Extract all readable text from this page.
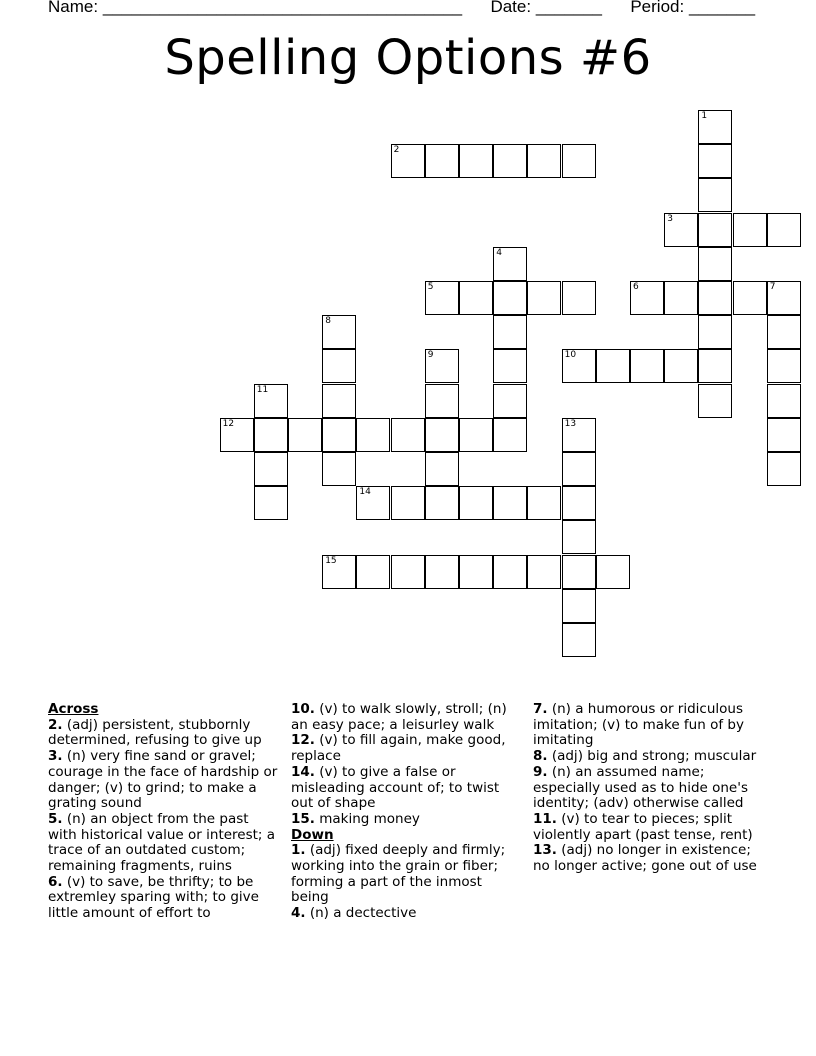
Name: ______________________________________ Date: _______ Period: _______
Spelling Options #6
1
2
3
4
5	6	7
8
9	10
11
12	13
14
15
Across
2. (adj) persistent, stubbornly determined, refusing to give up
3. (n) very fine sand or gravel; courage in the face of hardship or danger; (v) to grind; to make a grating sound
5. (n) an object from the past with historical value or interest; a trace of an outdated custom; remaining fragments, ruins
6. (v) to save, be thrifty; to be extremley sparing with; to give little amount of effort to
10. (v) to walk slowly, stroll; (n) an easy pace; a leisurley walk
12. (v) to fill again, make good, replace
14. (v) to give a false or misleading account of; to twist out of shape
15. making money
Down
1. (adj) fixed deeply and firmly; working into the grain or fiber; forming a part of the inmost being
4. (n) a dectective
7. (n) a humorous or ridiculous imitation; (v) to make fun of by imitating
8. (adj) big and strong; muscular
9. (n) an assumed name; especially used as to hide one's identity; (adv) otherwise called
11. (v) to tear to pieces; split violently apart (past tense, rent)
13. (adj) no longer in existence; no longer active; gone out of use
